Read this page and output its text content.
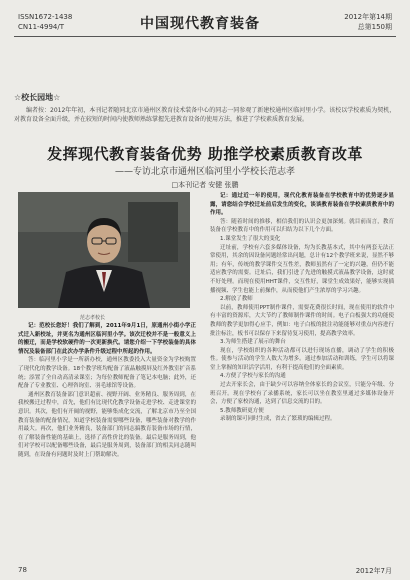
ISSN1672-1438
CN11-4994/T	中国现代教育装备	2012年第14期
总第150期
☆校长园地☆
编者按：2012年年初，本刊记者随同北京市通州区教育技术装备中心的同志一同参观了新建校通州区临河里小学。该校以学校素质为契机，对教育设备全面升级，并在较短的时间内使教师熟练掌握先进教育设备的使用方法，推进了学校素质教育发展。
发挥现代教育装备优势 助推学校素质教育改革
——专访北京市通州区临河里小学校长范志孝
□本刊记者 安健 张鹏
范志孝校长

记：范校长您好！我们了解到，2011年9月1日，原通州小街小学正式迁入新校址，并更名为通州区临河里小学。该次迁校并不是一般意义上的搬迁，而是学校软硬件的一次更新换代。请您介绍一下学校装备的具体情况及装备部门在此次办学条件升级过程中所起的作用。

答：临河里小学是一所新办校，通州区教委投入大量资金为学校购置了现代化的教学设备。18个教学班均配备了液晶触摸屏及红外教室扩音系统；添置了全自动高清录课室；为每位教师配备了笔记本电脑；此外，还配备了专业教室、心理咨询室、羽毛球馆等设备。

通州区教育装备部门意识超前、视野开阔、业务精良、服务周到，在我校搬迁过程中，首先，他们有比现代化教学设备走进学校、走进课堂的意识。其次，他们有开阔的视野，能够集成化交流，了解北京市乃至全国教育装备的配备情况，知道学校装备需要哪些设备，哪些装备对教学的作用最大。再次，他们业务精良，装备部门的同志搞教育装备市场的行情，在了解装备性能的基础上，选择了高性价比的装备。最后是服务周到，他们对学校可以配备哪些设备，最后是服务周到，装备部门的相关同志随叫随到，在设备有问题时及时上门帮助解决。

记：通过近一年的使用，现代化教育装备在学校教育中的优势逐步显露，请您结合学校迁址前后发生的变化，谈谈教育装备在学校素质教育中的作用。

答：随着时间的推移，相信我们的认识会更加深刻。就目前而言，教育装备在学校教育中的作用可以归结为以下几个方面。

1.课堂发生了很大的变化

迁址前，学校有六套多媒体设备，均为长教基本式，其中有两套无法正常使用，其余的因设备问题经常出问题，总计有12个教学班来说，显然不够用；有年，传统的教学课件交互性差，教师虽然有了一定的兴趣，但仍不能适应教学的需要。迁址后，我们引进了先进的触摸式液晶教学设备，这时就不好处理。而现在使用HHT课件，交互性好，课堂生成效果好，能够实现插播视频、学生也能上前操作，从而使他们产生浓厚的学习兴趣。

2.解放了教师

以前，教师使用PPT制作课件，需要花费很长时间，现在使用的软件中有丰富的资源库，大大节约了教师制作课件的时间。电子白板强大的功能使教师的教学更加得心应手，例如：电子白板的批注功能能够对重点内容进行批注标注，板书可以保存下来留待复习使用，提高教学效率。

3.为师生搭建了展示的舞台

现在，学校组织的各种活动都可以进行现场直播，调动了学生的积极性。使参与活动的学生人数大为增多。通过参加活动和训练，学生可以将课堂上掌握的知识活学活用，有利于提高他们的全面素质。

4.方便了学校与家长的沟通

过去开家长会，由于缺少可以容纳全体家长的会议室，只能分年级、分班召开。现在学校有了录播系统，家长可以坐在教室里通过多媒体设备开会，方便了家校沟通，达到了信息交流的目的。

5.教师教研更方便

录制的课可同时生成，省去了繁琐的编辑过程。

78	2012年7月
